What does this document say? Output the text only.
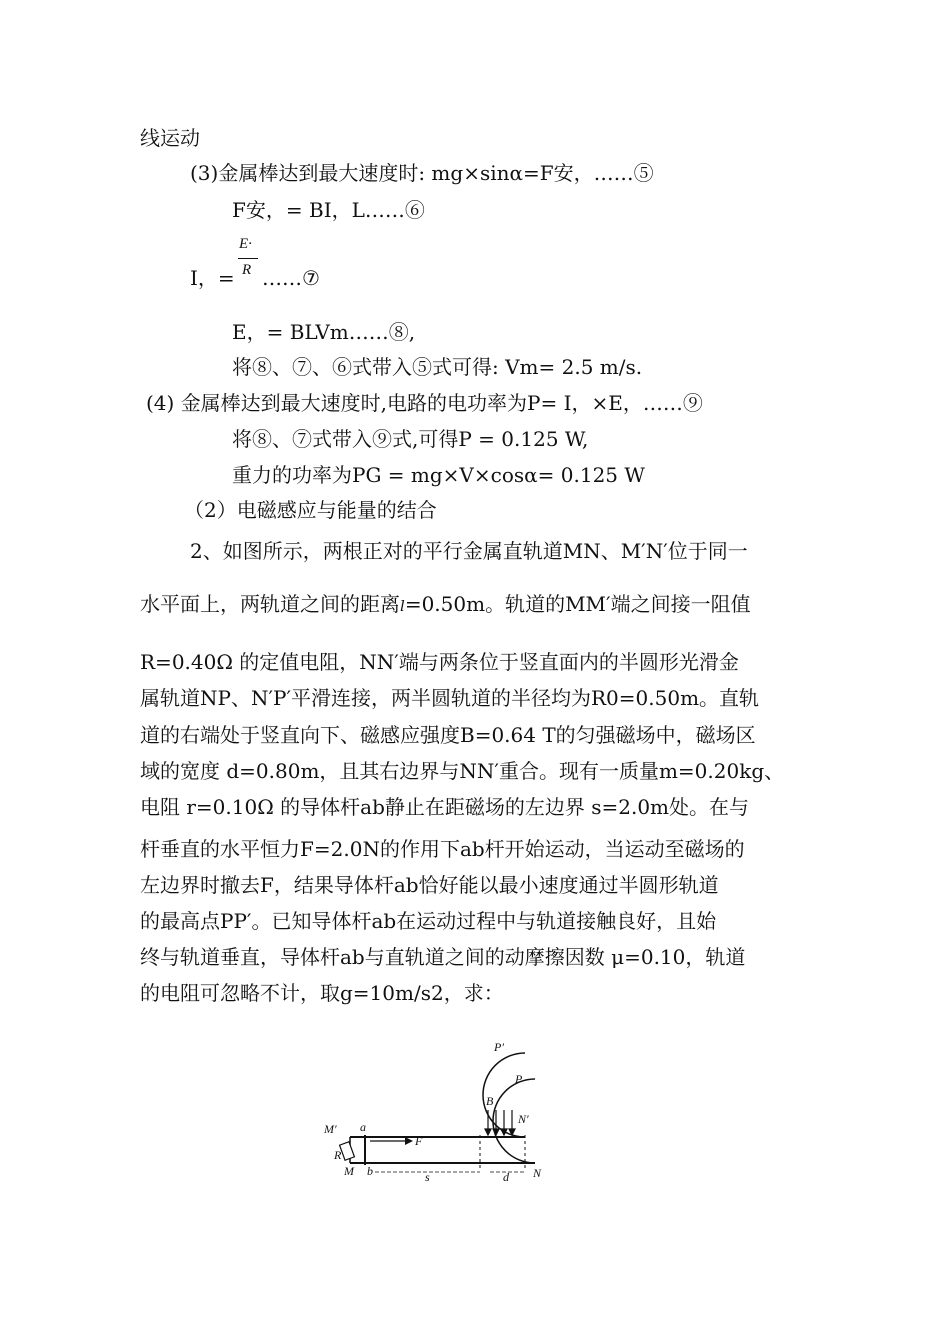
线运动
(3)金属棒达到最大速度时: mg×sinα=F安，……⑤
F安，= BI，L……⑥
E·
R
I，= ……⑦
E，= BLVm……⑧,
将⑧、⑦、⑥式带入⑤式可得: Vm= 2.5 m/s.
(4) 金属棒达到最大速度时,电路的电功率为P= I，×E，……⑨
将⑧、⑦式带入⑨式,可得P = 0.125 W,
重力的功率为PG = mg×V×cosα= 0.125 W
（2）电磁感应与能量的结合
2、如图所示，两根正对的平行金属直轨道MN、M′N′位于同一
水平面上，两轨道之间的距离l=0.50m。轨道的MM′端之间接一阻值
R=0.40Ω 的定值电阻，NN′端与两条位于竖直面内的半圆形光滑金
属轨道NP、N′P′平滑连接，两半圆轨道的半径均为R0=0.50m。直轨
道的右端处于竖直向下、磁感应强度B=0.64 T的匀强磁场中，磁场区
域的宽度 d=0.80m，且其右边界与NN′重合。现有一质量m=0.20kg、
电阻 r=0.10Ω 的导体杆ab静止在距磁场的左边界 s=2.0m处。在与
杆垂直的水平恒力F=2.0N的作用下ab杆开始运动，当运动至磁场的
左边界时撤去F，结果导体杆ab恰好能以最小速度通过半圆形轨道
的最高点PP′。已知导体杆ab在运动过程中与轨道接触良好，且始
终与轨道垂直，导体杆ab与直轨道之间的动摩擦因数 μ=0.10，轨道
的电阻可忽略不计，取g=10m/s2，求：
P′
P
B
N′
M′ a
F
R
M b	s	d N
